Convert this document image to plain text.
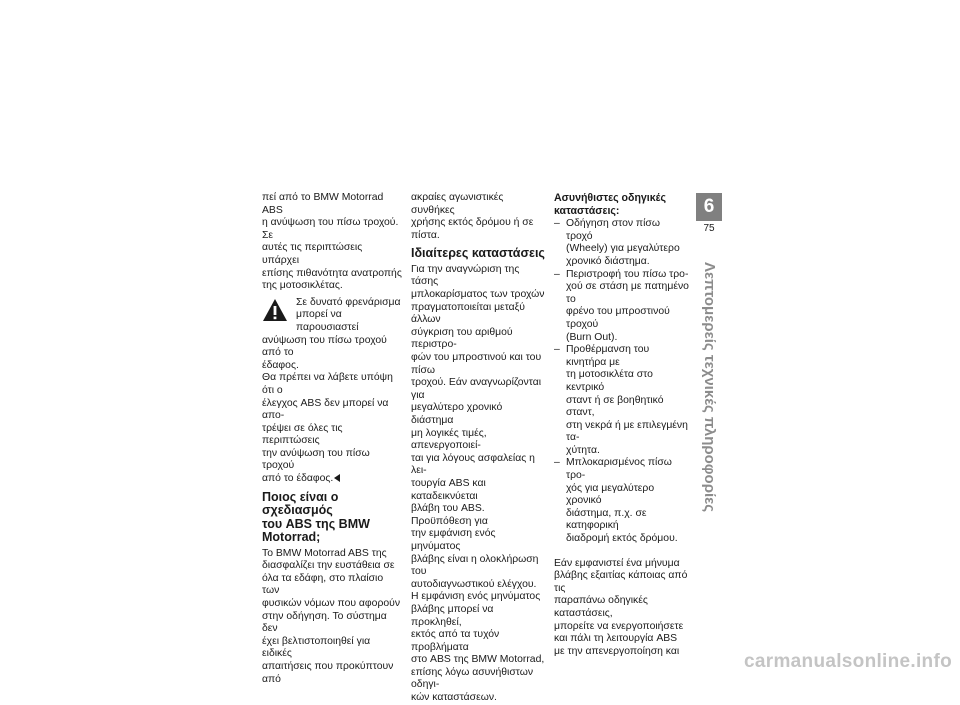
πεί από το BMW Motorrad ABS
η ανύψωση του πίσω τροχού. Σε
αυτές τις περιπτώσεις υπάρχει
επίσης πιθανότητα ανατροπής
της μοτοσικλέτας.

Σε δυνατό φρενάρισμα
μπορεί να παρουσιαστεί

ανύψωση του πίσω τροχού από το
έδαφος.
Θα πρέπει να λάβετε υπόψη ότι ο
έλεγχος ABS δεν μπορεί να απο-
τρέψει σε όλες τις περιπτώσεις
την ανύψωση του πίσω τροχού
από το έδαφος.

Ποιος είναι ο σχεδιασμός
του ABS της BMW
Motorrad;

Το BMW Motorrad ABS της
διασφαλίζει την ευστάθεια σε
όλα τα εδάφη, στο πλαίσιο των
φυσικών νόμων που αφορούν
στην οδήγηση. Το σύστημα δεν
έχει βελτιστοποιηθεί για ειδικές
απαιτήσεις που προκύπτουν από

ακραίες αγωνιστικές συνθήκες
χρήσης εκτός δρόμου ή σε πίστα.

Ιδιαίτερες καταστάσεις

Για την αναγνώριση της τάσης
μπλοκαρίσματος των τροχών
πραγματοποιείται μεταξύ άλλων
σύγκριση του αριθμού περιστρο-
φών του μπροστινού και του πίσω
τροχού. Εάν αναγνωρίζονται για
μεγαλύτερο χρονικό διάστημα
μη λογικές τιμές, απενεργοποιεί-
ται για λόγους ασφαλείας η λει-
τουργία ABS και καταδεικνύεται
βλάβη του ABS. Προϋπόθεση για
την εμφάνιση ενός μηνύματος
βλάβης είναι η ολοκλήρωση του
αυτοδιαγνωστικού ελέγχου.
Η εμφάνιση ενός μηνύματος
βλάβης μπορεί να προκληθεί,
εκτός από τα τυχόν προβλήματα
στο ABS της BMW Motorrad,
επίσης λόγω ασυνήθιστων οδηγι-
κών καταστάσεων.

Ασυνήθιστες οδηγικές
καταστάσεις:
– Οδήγηση στον πίσω τροχό
(Wheely) για μεγαλύτερο
χρονικό διάστημα.
– Περιστροφή του πίσω τρο-
χού σε στάση με πατημένο το
φρένο του μπροστινού τροχού
(Burn Out).
– Προθέρμανση του κινητήρα με
τη μοτοσικλέτα στο κεντρικό
σταντ ή σε βοηθητικό σταντ,
στη νεκρά ή με επιλεγμένη τα-
χύτητα.
– Μπλοκαρισμένος πίσω τρο-
χός για μεγαλύτερο χρονικό
διάστημα, π.χ. σε κατηφορική
διαδρομή εκτός δρόμου.

Εάν εμφανιστεί ένα μήνυμα
βλάβης εξαιτίας κάποιας από τις
παραπάνω οδηγικές καταστάσεις,
μπορείτε να ενεργοποιήσετε
και πάλι τη λειτουργία ABS
με την απενεργοποίηση και

6
75
Λεπτομερείς τεχνικές πληροφορίες
carmanualsonline.info
